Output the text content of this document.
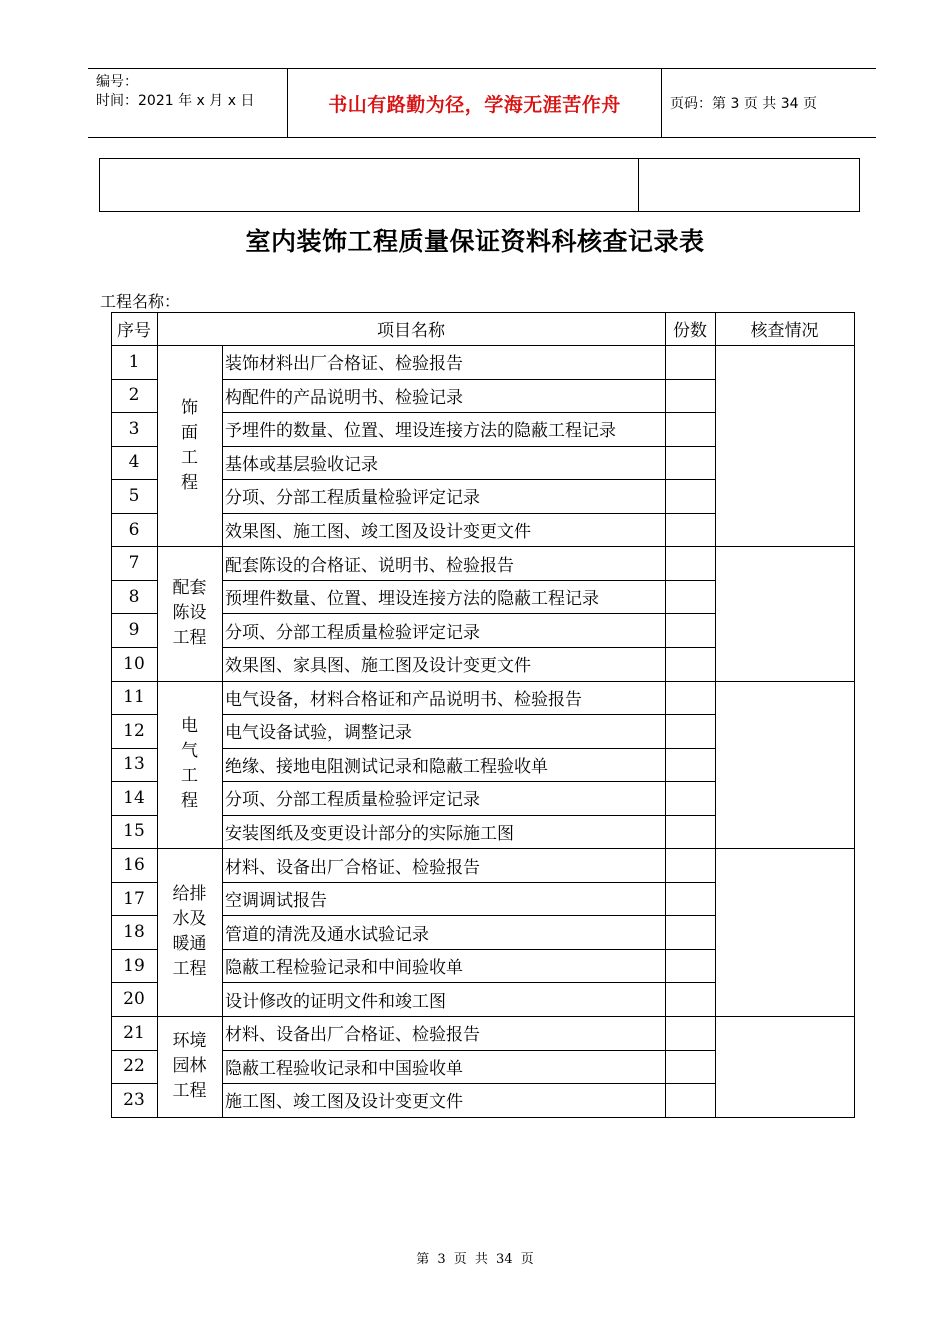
编号：
时间：2021 年 x 月 x 日	书山有路勤为径，学海无涯苦作舟	页码：第 3 页 共 34 页
室内装饰工程质量保证资料科核查记录表
工程名称：
序号	项目名称	份数	核查情况
1	装饰材料出厂合格证、检验报告
2	构配件的产品说明书、检验记录
3	予埋件的数量、位置、埋设连接方法的隐蔽工程记录
4	基体或基层验收记录
5	分项、分部工程质量检验评定记录
6	效果图、施工图、竣工图及设计变更文件
饰
面
工
程
7	配套陈设的合格证、说明书、检验报告
8	预埋件数量、位置、埋设连接方法的隐蔽工程记录
9	分项、分部工程质量检验评定记录
10	效果图、家具图、施工图及设计变更文件
配套
陈设
工程
11	电气设备，材料合格证和产品说明书、检验报告
12	电气设备试验，调整记录
13	绝缘、接地电阻测试记录和隐蔽工程验收单
14	分项、分部工程质量检验评定记录
15	安装图纸及变更设计部分的实际施工图
电
气
工
程
16	材料、设备出厂合格证、检验报告
17	空调调试报告
18	管道的清洗及通水试验记录
19	隐蔽工程检验记录和中间验收单
20	设计修改的证明文件和竣工图
给排
水及
暖通
工程
21	材料、设备出厂合格证、检验报告
22	隐蔽工程验收记录和中国验收单
23	施工图、竣工图及设计变更文件
环境
园林
工程
第 3 页 共 34 页
